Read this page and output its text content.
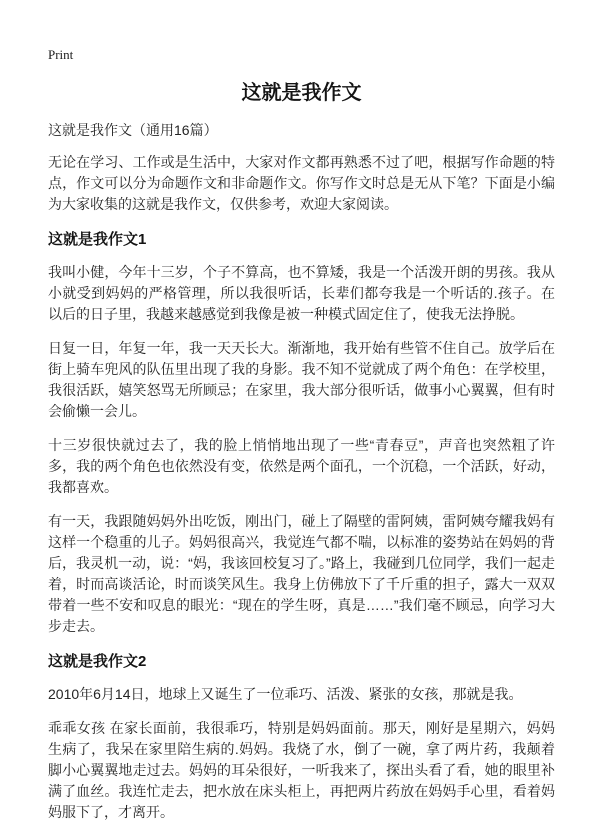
Print
这就是我作文
这就是我作文（通用16篇）

无论在学习、工作或是生活中，大家对作文都再熟悉不过了吧，根据写作命题的特点，作文可以分为命题作文和非命题作文。你写作文时总是无从下笔？下面是小编为大家收集的这就是我作文，仅供参考，欢迎大家阅读。

这就是我作文1

我叫小健，今年十三岁，个子不算高，也不算矮，我是一个活泼开朗的男孩。我从小就受到妈妈的严格管理，所以我很听话，长辈们都夸我是一个听话的.孩子。在以后的日子里，我越来越感觉到我像是被一种模式固定住了，使我无法挣脱。

日复一日，年复一年，我一天天长大。渐渐地，我开始有些管不住自己。放学后在街上骑车兜风的队伍里出现了我的身影。我不知不觉就成了两个角色：在学校里，我很活跃，嬉笑怒骂无所顾忌；在家里，我大部分很听话，做事小心翼翼，但有时会偷懒一会儿。

十三岁很快就过去了，我的脸上悄悄地出现了一些“青春豆”，声音也突然粗了许多，我的两个角色也依然没有变，依然是两个面孔，一个沉稳，一个活跃，好动，我都喜欢。

有一天，我跟随妈妈外出吃饭，刚出门，碰上了隔壁的雷阿姨，雷阿姨夸耀我妈有这样一个稳重的儿子。妈妈很高兴，我觉连气都不喘，以标准的姿势站在妈妈的背后，我灵机一动，说：“妈，我该回校复习了。”路上，我碰到几位同学，我们一起走着，时而高谈活论，时而谈笑风生。我身上仿佛放下了千斤重的担子，露大一双双带着一些不安和叹息的眼光：“现在的学生呀，真是……”我们毫不顾忌，向学习大步走去。

这就是我作文2

2010年6月14日，地球上又诞生了一位乖巧、活泼、紧张的女孩，那就是我。

乖乖女孩 在家长面前，我很乖巧，特别是妈妈面前。那天，刚好是星期六，妈妈生病了，我呆在家里陪生病的.妈妈。我烧了水，倒了一碗，拿了两片药，我颠着脚小心翼翼地走过去。妈妈的耳朵很好，一听我来了，探出头看了看，她的眼里补满了血丝。我连忙走去，把水放在床头柜上，再把两片药放在妈妈手心里，看着妈妈服下了，才离开。
